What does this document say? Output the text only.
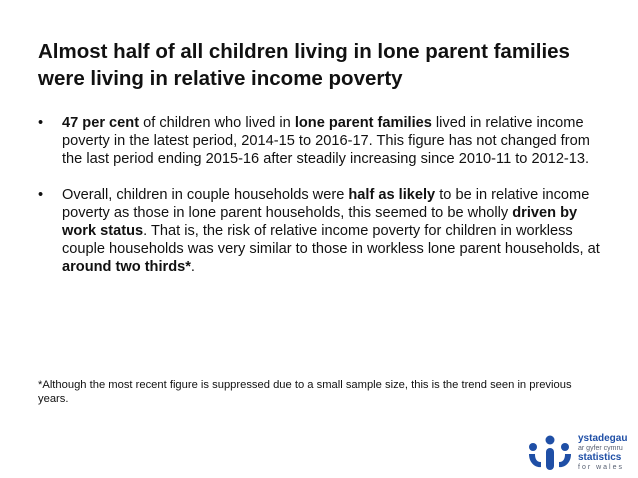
Almost half of all children living in lone parent families were living in relative income poverty
• 47 per cent of children who lived in lone parent families lived in relative income poverty in the latest period, 2014-15 to 2016-17. This figure has not changed from the last period ending 2015-16 after steadily increasing since 2010-11 to 2012-13.
• Overall, children in couple households were half as likely to be in relative income poverty as those in lone parent households, this seemed to be wholly driven by work status. That is, the risk of relative income poverty for children in workless couple households was very similar to those in workless lone parent households, at around two thirds*.

*Although the most recent figure is suppressed due to a small sample size, this is the trend seen in previous years.

ystadegau
ar gyfer cymru
statistics
for wales
